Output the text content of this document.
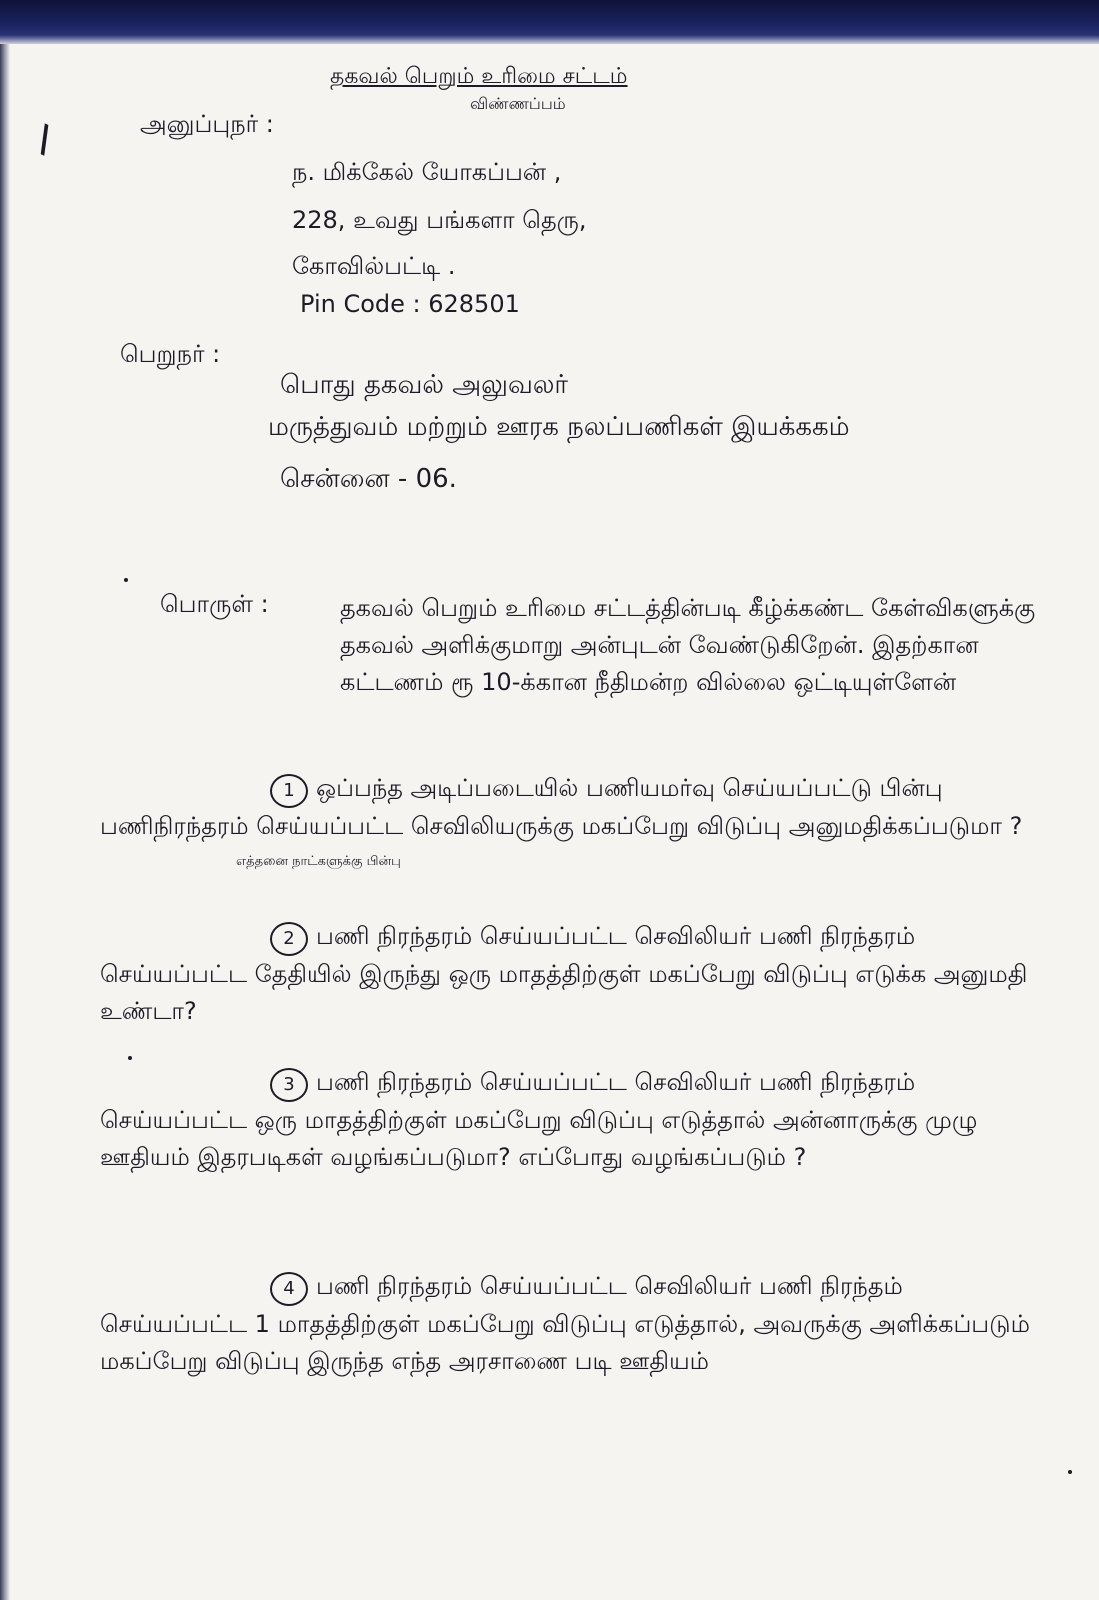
தகவல் பெறும் உரிமை சட்டம்
விண்ணப்பம்
\	அனுப்புநர் :
ந. மிக்கேல் யோகப்பன் ,
228, உவது பங்களா தெரு,
கோவில்பட்டி .
Pin Code : 628501
பெறுநர் :
பொது தகவல் அலுவலர்
மருத்துவம் மற்றும் ஊரக நலப்பணிகள் இயக்ககம்
சென்னை - 06.
பொருள் :	தகவல் பெறும் உரிமை சட்டத்தின்படி கீழ்க்கண்ட கேள்விகளுக்கு தகவல் அளிக்குமாறு அன்புடன் வேண்டுகிறேன். இதற்கான கட்டணம் ரூ 10-க்கான நீதிமன்ற வில்லை ஒட்டியுள்ளேன்
1 ஒப்பந்த அடிப்படையில் பணியமர்வு செய்யப்பட்டு பின்பு பணிநிரந்தரம் செய்யப்பட்ட செவிலியருக்கு மகப்பேறு விடுப்பு அனுமதிக்கப்படுமா ?
எத்தனை நாட்களுக்கு பின்பு
2 பணி நிரந்தரம் செய்யப்பட்ட செவிலியர் பணி நிரந்தரம் செய்யப்பட்ட தேதியில் இருந்து ஒரு மாதத்திற்குள் மகப்பேறு விடுப்பு எடுக்க அனுமதி உண்டா?
3 பணி நிரந்தரம் செய்யப்பட்ட செவிலியர் பணி நிரந்தரம் செய்யப்பட்ட ஒரு மாதத்திற்குள் மகப்பேறு விடுப்பு எடுத்தால் அன்னாருக்கு முழு ஊதியம் இதரபடிகள் வழங்கப்படுமா? எப்போது வழங்கப்படும் ?
4 பணி நிரந்தரம் செய்யப்பட்ட செவிலியர் பணி நிரந்தம் செய்யப்பட்ட 1 மாதத்திற்குள் மகப்பேறு விடுப்பு எடுத்தால், அவருக்கு அளிக்கப்படும் மகப்பேறு விடுப்பு இருந்த எந்த அரசாணை படி ஊதியம்
